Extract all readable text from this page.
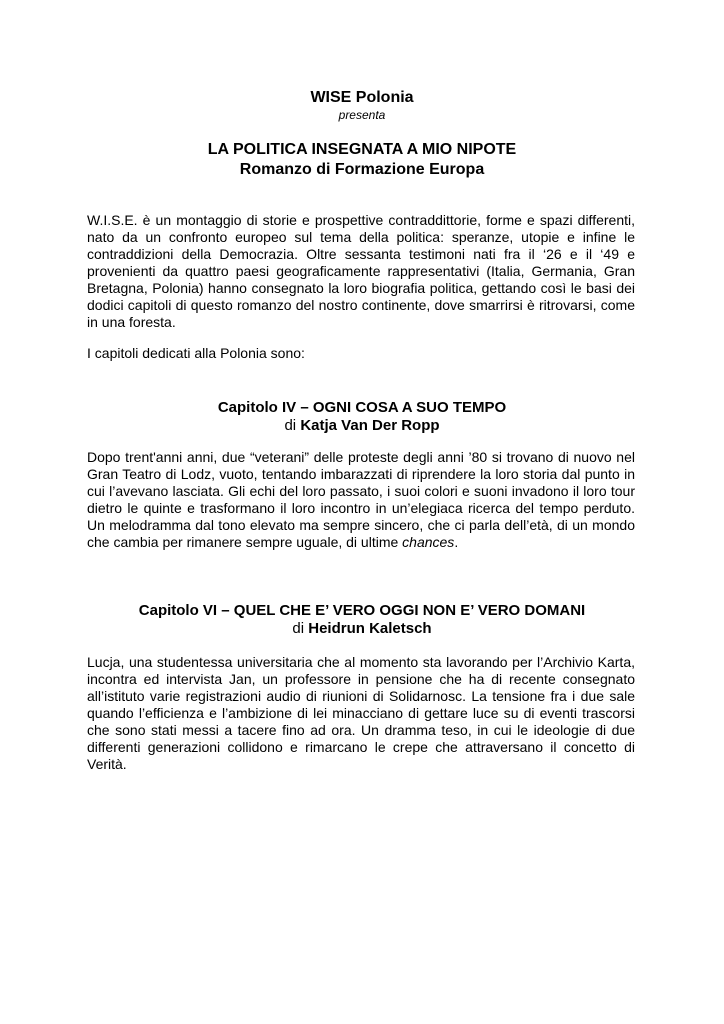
WISE Polonia
presenta
LA POLITICA INSEGNATA A MIO NIPOTE
Romanzo di Formazione Europa
W.I.S.E. è un montaggio di storie e prospettive contraddittorie, forme e spazi differenti, nato da un confronto europeo sul tema della politica: speranze, utopie e infine le contraddizioni della Democrazia. Oltre sessanta testimoni nati fra il ‘26 e il ‘49 e provenienti da quattro paesi geograficamente rappresentativi (Italia, Germania, Gran Bretagna, Polonia) hanno consegnato la loro biografia politica, gettando così le basi dei dodici capitoli di questo romanzo del nostro continente, dove smarrirsi è ritrovarsi, come in una foresta.
I capitoli dedicati alla Polonia sono:
Capitolo IV – OGNI COSA A SUO TEMPO
di Katja Van Der Ropp
Dopo trent'anni anni, due “veterani” delle proteste degli anni ’80 si trovano di nuovo nel Gran Teatro di Lodz, vuoto, tentando imbarazzati di riprendere la loro storia dal punto in cui l’avevano lasciata. Gli echi del loro passato, i suoi colori e suoni invadono il loro tour dietro le quinte e trasformano il loro incontro in un’elegiaca ricerca del tempo perduto. Un melodramma dal tono elevato ma sempre sincero, che ci parla dell’età, di un mondo che cambia per rimanere sempre uguale, di ultime chances.
Capitolo VI – QUEL CHE E’ VERO OGGI NON E’ VERO DOMANI
di Heidrun Kaletsch
Lucja, una studentessa universitaria che al momento sta lavorando per l’Archivio Karta, incontra ed intervista Jan, un professore in pensione che ha di recente consegnato all’istituto varie registrazioni audio di riunioni di Solidarnosc. La tensione fra i due sale quando l’efficienza e l’ambizione di lei minacciano di gettare luce su di eventi trascorsi che sono stati messi a tacere fino ad ora. Un dramma teso, in cui le ideologie di due differenti generazioni collidono e rimarcano le crepe che attraversano il concetto di Verità.
